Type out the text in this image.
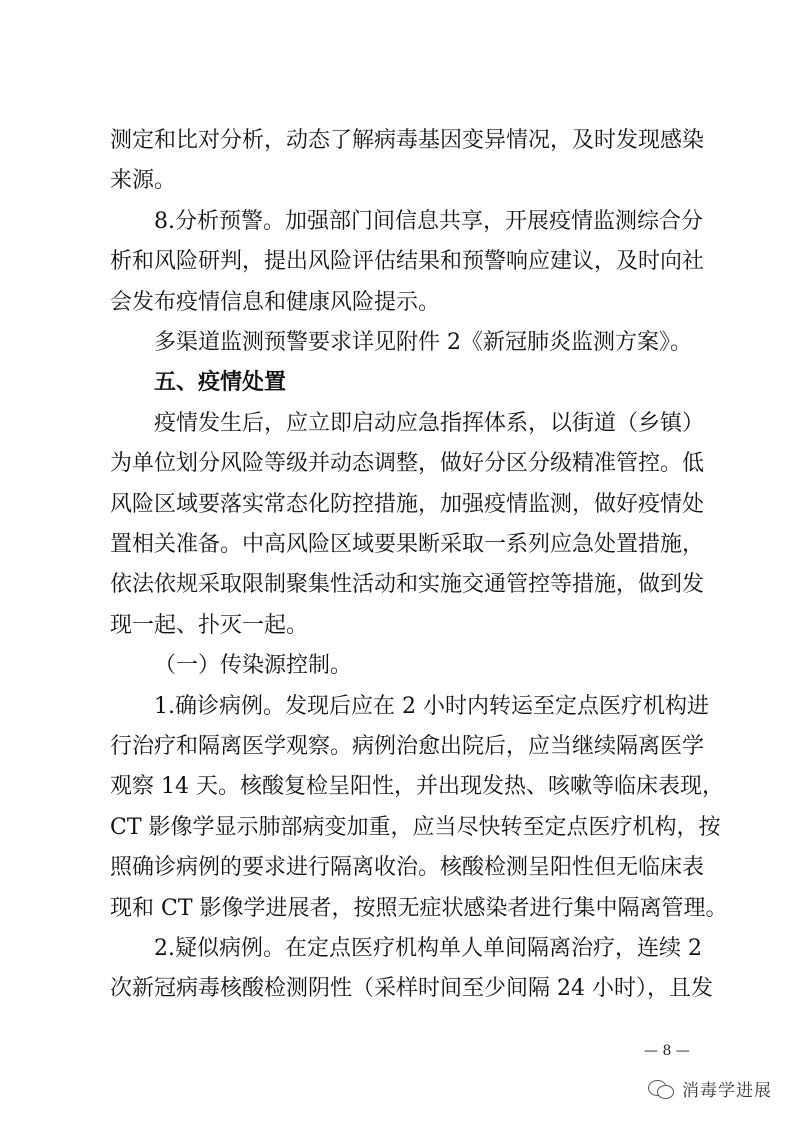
测定和比对分析，动态了解病毒基因变异情况，及时发现感染
来源。
8.分析预警。加强部门间信息共享，开展疫情监测综合分
析和风险研判，提出风险评估结果和预警响应建议，及时向社
会发布疫情信息和健康风险提示。
多渠道监测预警要求详见附件 2《新冠肺炎监测方案》。
五、疫情处置
疫情发生后，应立即启动应急指挥体系，以街道（乡镇）
为单位划分风险等级并动态调整，做好分区分级精准管控。低
风险区域要落实常态化防控措施，加强疫情监测，做好疫情处
置相关准备。中高风险区域要果断采取一系列应急处置措施，
依法依规采取限制聚集性活动和实施交通管控等措施，做到发
现一起、扑灭一起。
（一）传染源控制。
1.确诊病例。发现后应在 2 小时内转运至定点医疗机构进
行治疗和隔离医学观察。病例治愈出院后，应当继续隔离医学
观察 14 天。核酸复检呈阳性，并出现发热、咳嗽等临床表现，
CT 影像学显示肺部病变加重，应当尽快转至定点医疗机构，按
照确诊病例的要求进行隔离收治。核酸检测呈阳性但无临床表
现和 CT 影像学进展者，按照无症状感染者进行集中隔离管理。
2.疑似病例。在定点医疗机构单人单间隔离治疗，连续 2
次新冠病毒核酸检测阴性（采样时间至少间隔 24 小时），且发
— 8 —
消毒学进展
